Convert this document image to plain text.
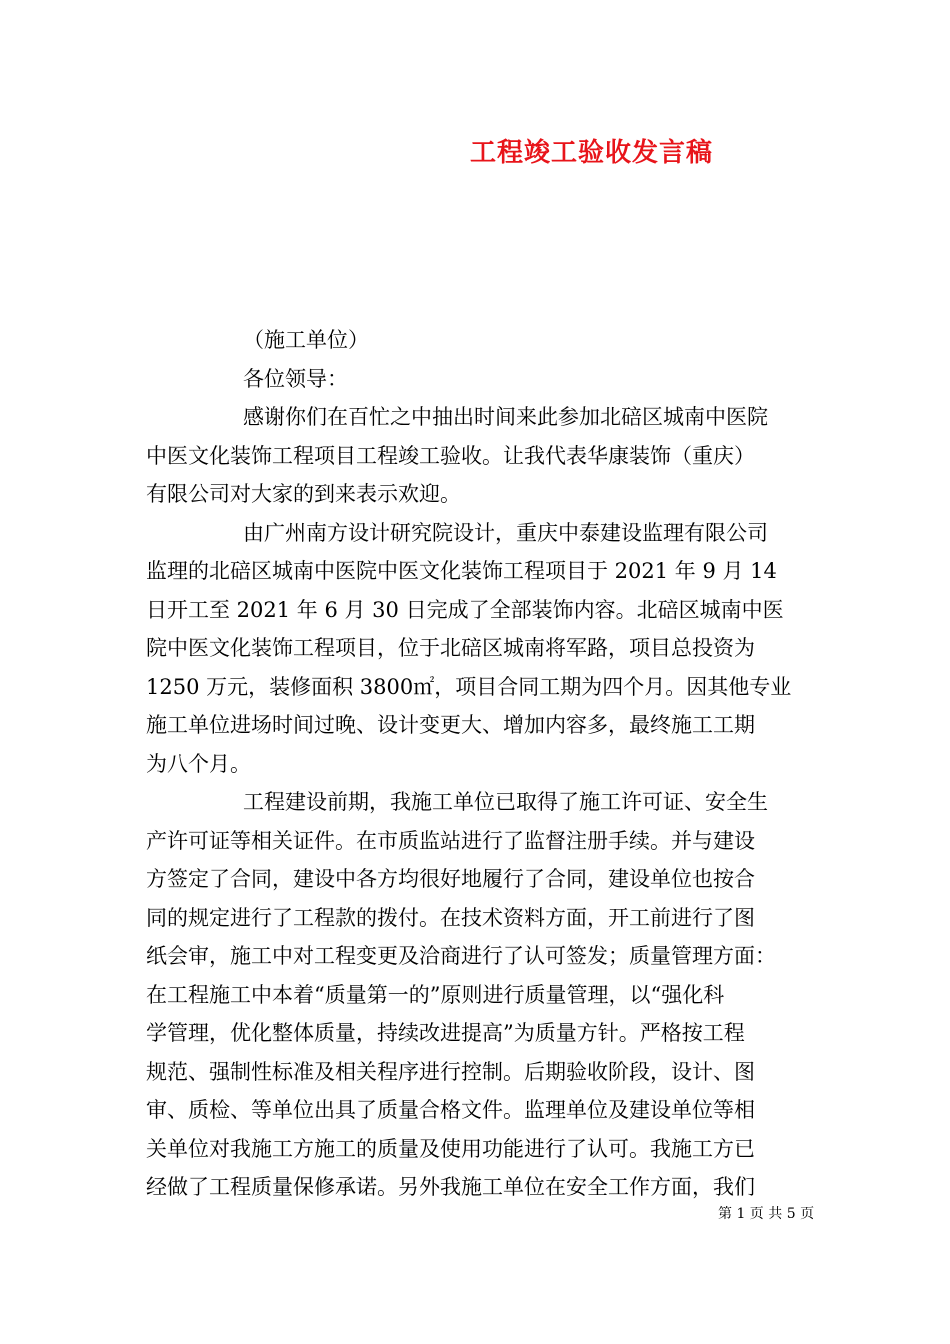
工程竣工验收发言稿
（施工单位）
各位领导：
感谢你们在百忙之中抽出时间来此参加北碚区城南中医院
中医文化装饰工程项目工程竣工验收。让我代表华康装饰（重庆）
有限公司对大家的到来表示欢迎。
由广州南方设计研究院设计，重庆中泰建设监理有限公司
监理的北碚区城南中医院中医文化装饰工程项目于 2021 年 9 月 14
日开工至 2021 年 6 月 30 日完成了全部装饰内容。北碚区城南中医
院中医文化装饰工程项目，位于北碚区城南将军路，项目总投资为
1250 万元，装修面积 3800㎡，项目合同工期为四个月。因其他专业
施工单位进场时间过晚、设计变更大、增加内容多，最终施工工期
为八个月。
工程建设前期，我施工单位已取得了施工许可证、安全生
产许可证等相关证件。在市质监站进行了监督注册手续。并与建设
方签定了合同，建设中各方均很好地履行了合同，建设单位也按合
同的规定进行了工程款的拨付。在技术资料方面，开工前进行了图
纸会审，施工中对工程变更及洽商进行了认可签发；质量管理方面：
在工程施工中本着“质量第一的”原则进行质量管理，以“强化科
学管理，优化整体质量，持续改进提高”为质量方针。严格按工程
规范、强制性标准及相关程序进行控制。后期验收阶段，设计、图
审、质检、等单位出具了质量合格文件。监理单位及建设单位等相
关单位对我施工方施工的质量及使用功能进行了认可。我施工方已
经做了工程质量保修承诺。另外我施工单位在安全工作方面，我们
第 1 页 共 5 页
